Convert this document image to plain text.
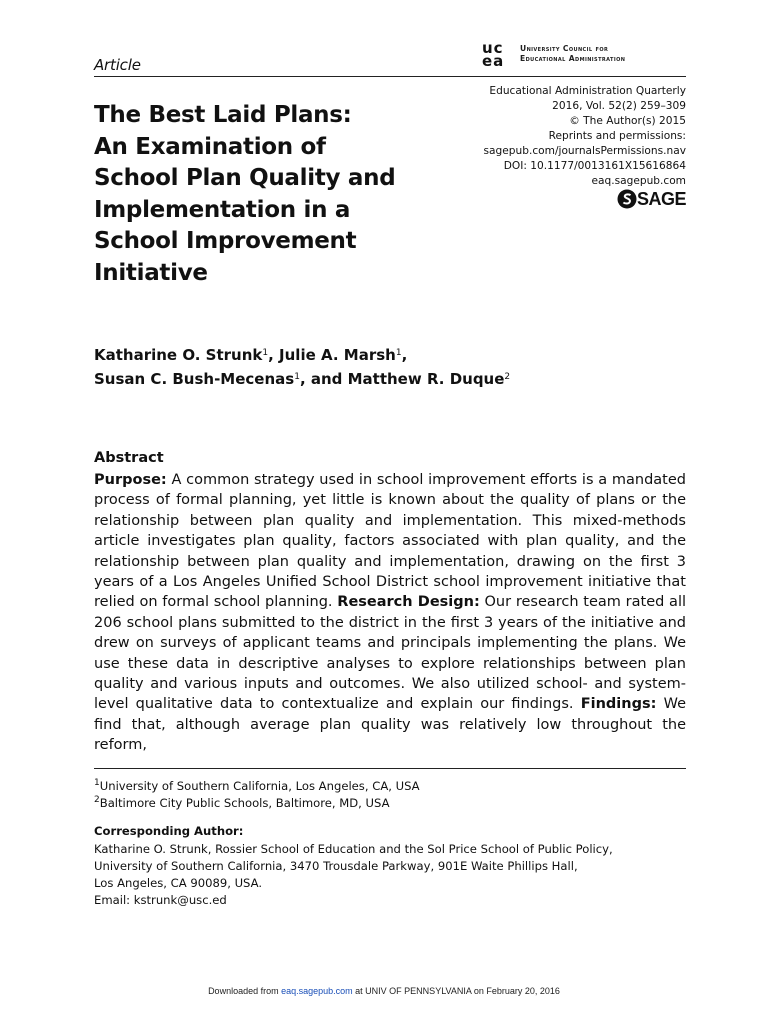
Article
uc
ea
University Council for
Educational Administration
Educational Administration Quarterly
2016, Vol. 52(2) 259–309
© The Author(s) 2015
Reprints and permissions:
sagepub.com/journalsPermissions.nav
DOI: 10.1177/0013161X15616864
eaq.sagepub.com
SAGE
The Best Laid Plans:
An Examination of
School Plan Quality and
Implementation in a
School Improvement
Initiative
Katharine O. Strunk$^1$, Julie A. Marsh$^1$,
Susan C. Bush-Mecenas$^1$, and Matthew R. Duque$^2$
Abstract

Purpose: A common strategy used in school improvement efforts is a mandated process of formal planning, yet little is known about the quality of plans or the relationship between plan quality and implementation. This mixed-methods article investigates plan quality, factors associated with plan quality, and the relationship between plan quality and implementation, drawing on the first 3 years of a Los Angeles Unified School District school improvement initiative that relied on formal school planning. Research Design: Our research team rated all 206 school plans submitted to the district in the first 3 years of the initiative and drew on surveys of applicant teams and principals implementing the plans. We use these data in descriptive analyses to explore relationships between plan quality and various inputs and outcomes. We also utilized school- and system-level qualitative data to contextualize and explain our findings. Findings: We find that, although average plan quality was relatively low throughout the reform,

$^1$University of Southern California, Los Angeles, CA, USA
$^2$Baltimore City Public Schools, Baltimore, MD, USA
Corresponding Author:
Katharine O. Strunk, Rossier School of Education and the Sol Price School of Public Policy,
University of Southern California, 3470 Trousdale Parkway, 901E Waite Phillips Hall,
Los Angeles, CA 90089, USA.
Email: kstrunk@usc.ed
Downloaded from eaq.sagepub.com at UNIV OF PENNSYLVANIA on February 20, 2016
